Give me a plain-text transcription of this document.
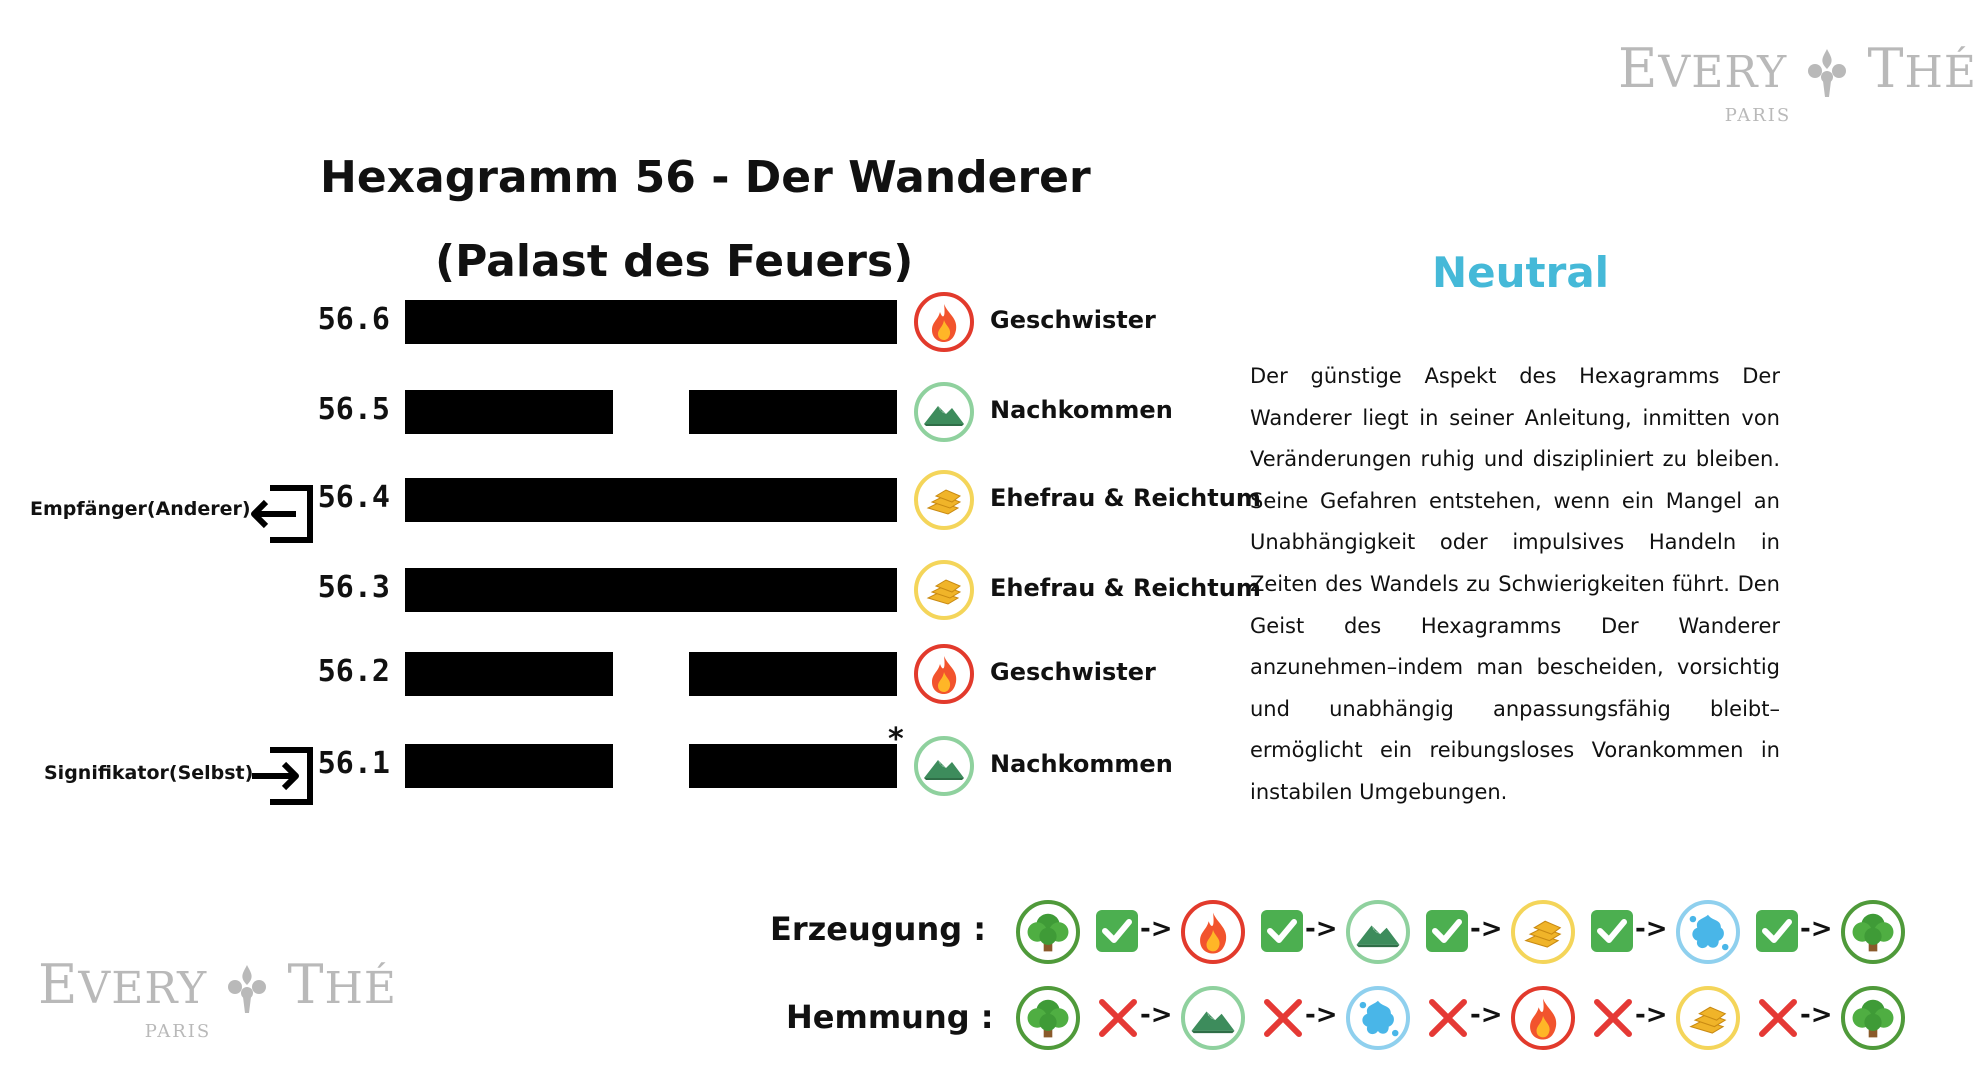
EVERY THÉ
PARIS
EVERY THÉ
PARIS
Hexagramm 56 - Der Wanderer
(Palast des Feuers)
56.6	Geschwister
56.5	Nachkommen
56.4	Ehefrau & Reichtum
56.3	Ehefrau & Reichtum
56.2	Geschwister
56.1	Nachkommen
*
Empfänger(Anderer)
Signifikator(Selbst)
Neutral
Der günstige Aspekt des Hexagramms Der Wanderer liegt in seiner Anleitung, inmitten von Veränderungen ruhig und diszipliniert zu bleiben. Seine Gefahren entstehen, wenn ein Mangel an Unabhängigkeit oder impulsives Handeln in Zeiten des Wandels zu Schwierigkeiten führt. Den Geist des Hexagramms Der Wanderer anzunehmen–indem man bescheiden, vorsichtig und unabhängig anpassungsfähig bleibt–ermöglicht ein reibungsloses Vorankommen in instabilen Umgebungen.
Erzeugung :
Hemmung :
->	->	->	->	->
->	->	->	->	->
